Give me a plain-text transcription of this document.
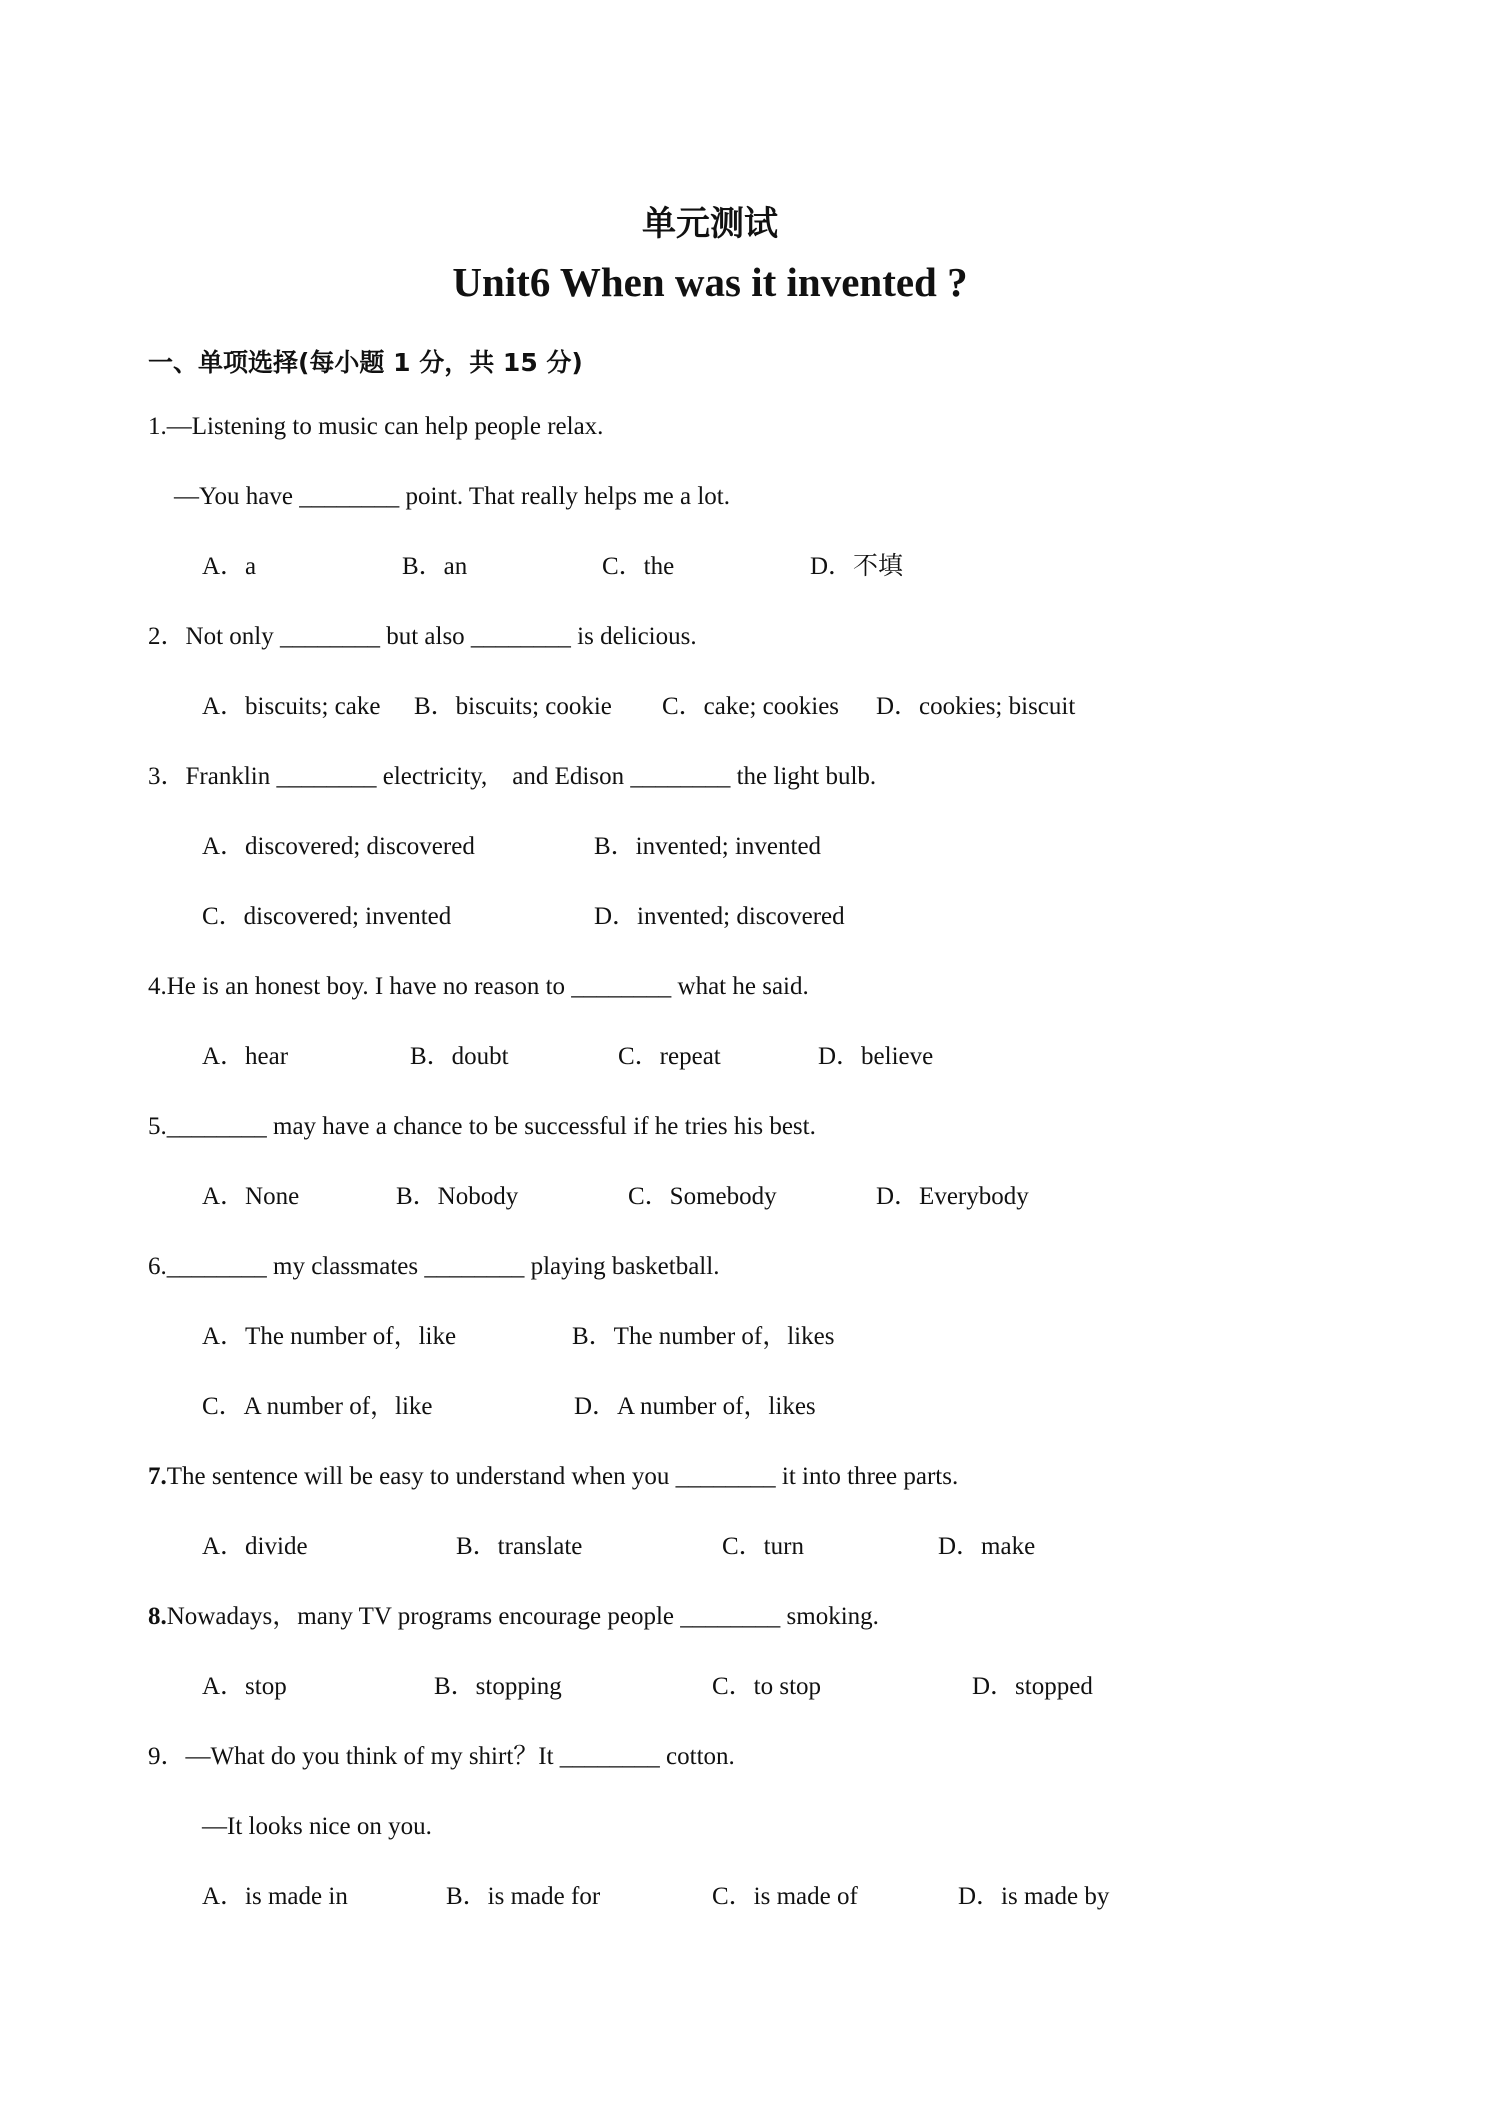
单元测试
Unit6 When was it invented ?
一、单项选择(每小题 1 分，共 15 分)
1.—Listening to music can help people relax.
—You have ________ point. That really helps me a lot.
A．a	B．an	C．the	D．不填
2．Not only ________ but also ________ is delicious.
A．biscuits; cake B．biscuits; cookie C．cake; cookies D．cookies; biscuit
3．Franklin ________ electricity,    and Edison ________ the light bulb.
A．discovered; discovered	B．invented; invented
C．discovered; invented	D．invented; discovered
4.He is an honest boy. I have no reason to ________ what he said.
A．hear	B．doubt	C．repeat	D．believe
5.________ may have a chance to be successful if he tries his best.
A．None	B．Nobody	C．Somebody	D．Everybody
6.________ my classmates ________ playing basketball.
A．The number of，like	B．The number of，likes
C．A number of，like	D．A number of，likes
7.The sentence will be easy to understand when you ________ it into three parts.
A．divide	B．translate	C．turn	D．make
8.Nowadays，many TV programs encourage people ________ smoking.
A．stop	B．stopping	C．to stop	D．stopped
9．—What do you think of my shirt？It ________ cotton.
—It looks nice on you.
A．is made in	B．is made for	C．is made of	D．is made by
